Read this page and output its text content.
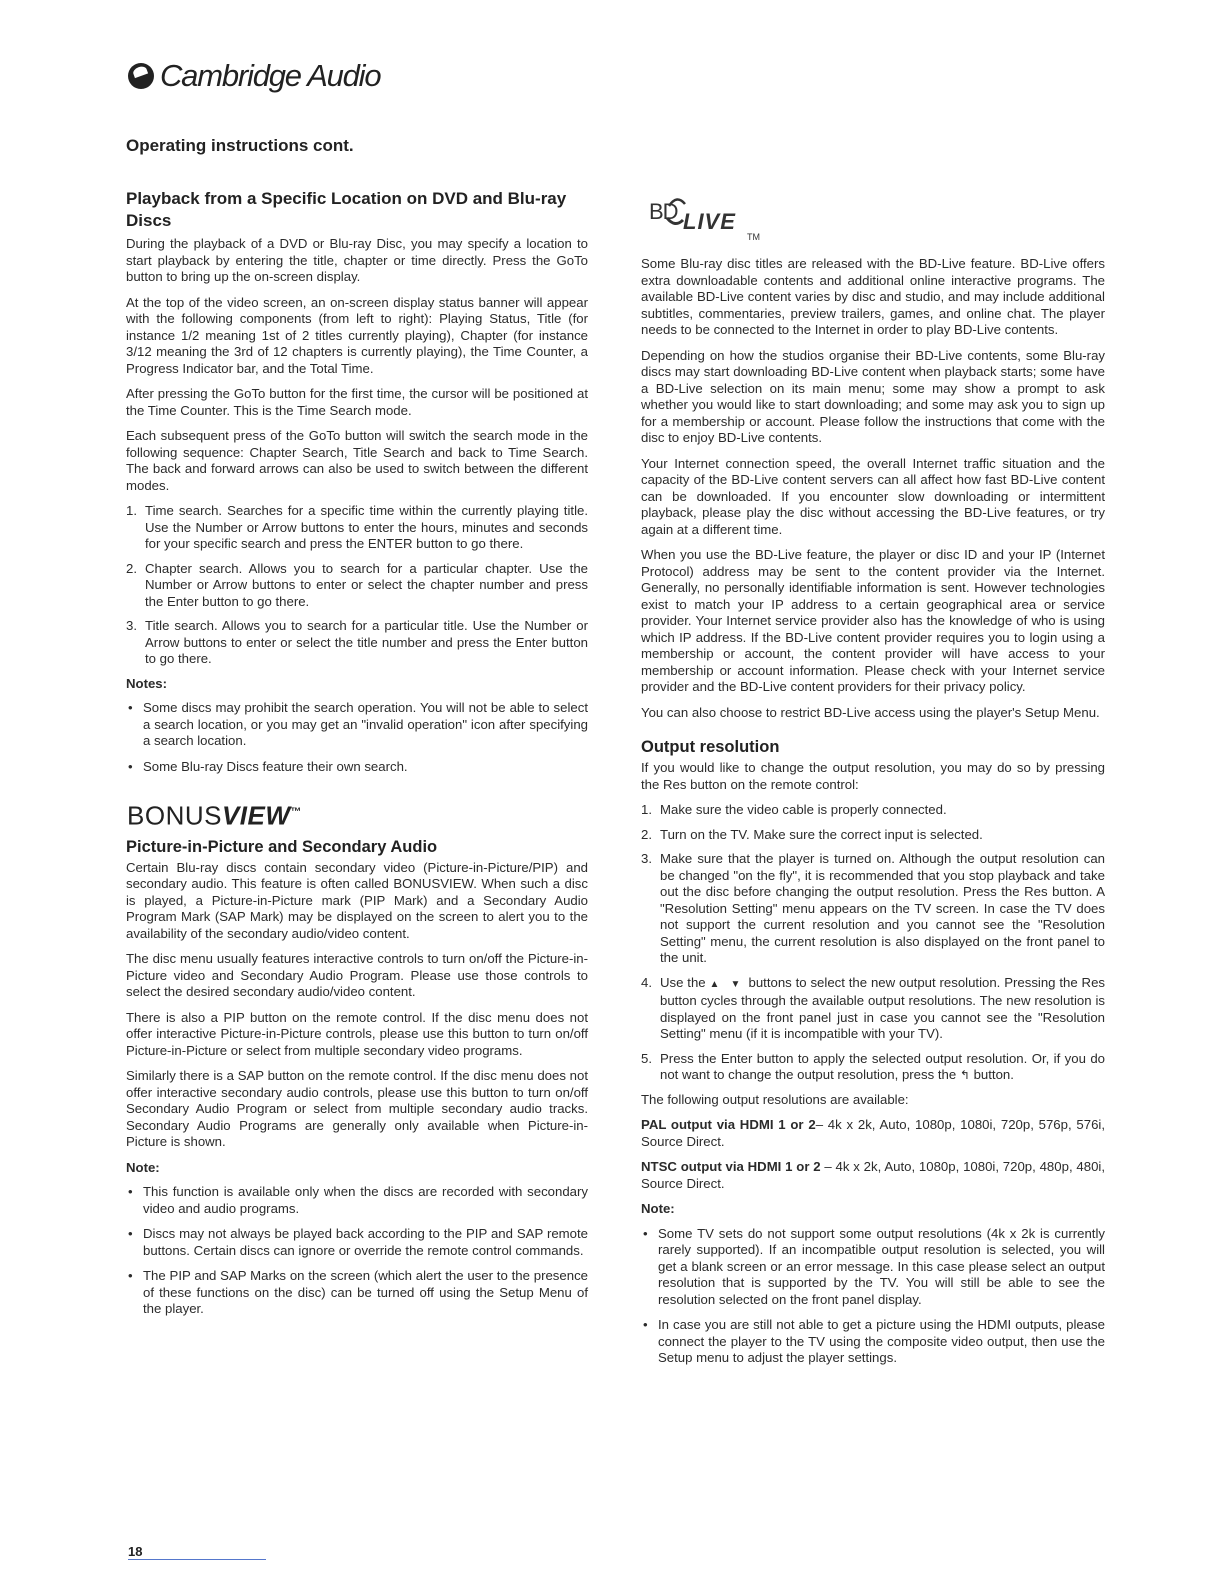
Cambridge Audio
Operating instructions cont.
Playback from a Specific Location on DVD and Blu-ray Discs

During the playback of a DVD or Blu-ray Disc, you may specify a location to start playback by entering the title, chapter or time directly. Press the GoTo button to bring up the on-screen display.

At the top of the video screen, an on-screen display status banner will appear with the following components (from left to right): Playing Status, Title (for instance 1/2 meaning 1st of 2 titles currently playing), Chapter (for instance 3/12 meaning the 3rd of 12 chapters is currently playing), the Time Counter, a Progress Indicator bar, and the Total Time.

After pressing the GoTo button for the first time, the cursor will be positioned at the Time Counter. This is the Time Search mode.

Each subsequent press of the GoTo button will switch the search mode in the following sequence: Chapter Search, Title Search and back to Time Search. The back and forward arrows can also be used to switch between the different modes.

1. Time search. Searches for a specific time within the currently playing title. Use the Number or Arrow buttons to enter the hours, minutes and seconds for your specific search and press the ENTER button to go there.
2. Chapter search. Allows you to search for a particular chapter. Use the Number or Arrow buttons to enter or select the chapter number and press the Enter button to go there.
3. Title search. Allows you to search for a particular title. Use the Number or Arrow buttons to enter or select the title number and press the Enter button to go there.
Notes:
• Some discs may prohibit the search operation. You will not be able to select a search location, or you may get an "invalid operation" icon after specifying a search location.
• Some Blu-ray Discs feature their own search.
BONUSVIEW™
Picture-in-Picture and Secondary Audio

Certain Blu-ray discs contain secondary video (Picture-in-Picture/PIP) and secondary audio. This feature is often called BONUSVIEW. When such a disc is played, a Picture-in-Picture mark (PIP Mark) and a Secondary Audio Program Mark (SAP Mark) may be displayed on the screen to alert you to the availability of the secondary audio/video content.

The disc menu usually features interactive controls to turn on/off the Picture-in-Picture video and Secondary Audio Program. Please use those controls to select the desired secondary audio/video content.

There is also a PIP button on the remote control. If the disc menu does not offer interactive Picture-in-Picture controls, please use this button to turn on/off Picture-in-Picture or select from multiple secondary video programs.

Similarly there is a SAP button on the remote control. If the disc menu does not offer interactive secondary audio controls, please use this button to turn on/off Secondary Audio Program or select from multiple secondary audio tracks. Secondary Audio Programs are generally only available when Picture-in-Picture is shown.

Note:
• This function is available only when the discs are recorded with secondary video and audio programs.
• Discs may not always be played back according to the PIP and SAP remote buttons. Certain discs can ignore or override the remote control commands.
• The PIP and SAP Marks on the screen (which alert the user to the presence of these functions on the disc) can be turned off using the Setup Menu of the player.
BD LIVE
TM

Some Blu-ray disc titles are released with the BD-Live feature. BD-Live offers extra downloadable contents and additional online interactive programs. The available BD-Live content varies by disc and studio, and may include additional subtitles, commentaries, preview trailers, games, and online chat. The player needs to be connected to the Internet in order to play BD-Live contents.

Depending on how the studios organise their BD-Live contents, some Blu-ray discs may start downloading BD-Live content when playback starts; some have a BD-Live selection on its main menu; some may show a prompt to ask whether you would like to start downloading; and some may ask you to sign up for a membership or account. Please follow the instructions that come with the disc to enjoy BD-Live contents.

Your Internet connection speed, the overall Internet traffic situation and the capacity of the BD-Live content servers can all affect how fast BD-Live content can be downloaded. If you encounter slow downloading or intermittent playback, please play the disc without accessing the BD-Live features, or try again at a different time.

When you use the BD-Live feature, the player or disc ID and your IP (Internet Protocol) address may be sent to the content provider via the Internet. Generally, no personally identifiable information is sent. However technologies exist to match your IP address to a certain geographical area or service provider. Your Internet service provider also has the knowledge of who is using which IP address. If the BD-Live content provider requires you to login using a membership or account, the content provider will have access to your membership or account information. Please check with your Internet service provider and the BD-Live content providers for their privacy policy.

You can also choose to restrict BD-Live access using the player's Setup Menu.

Output resolution

If you would like to change the output resolution, you may do so by pressing the Res button on the remote control:

1. Make sure the video cable is properly connected.
2. Turn on the TV. Make sure the correct input is selected.
3. Make sure that the player is turned on. Although the output resolution can be changed "on the fly", it is recommended that you stop playback and take out the disc before changing the output resolution. Press the Res button. A "Resolution Setting" menu appears on the TV screen. In case the TV does not support the current resolution and you cannot see the "Resolution Setting" menu, the current resolution is also displayed on the front panel to the unit.
4. Use the ▲ ▼ buttons to select the new output resolution. Pressing the Res button cycles through the available output resolutions. The new resolution is displayed on the front panel just in case you cannot see the "Resolution Setting" menu (if it is incompatible with your TV).
5. Press the Enter button to apply the selected output resolution. Or, if you do not want to change the output resolution, press the ↰ button.

The following output resolutions are available:

PAL output via HDMI 1 or 2– 4k x 2k, Auto, 1080p, 1080i, 720p, 576p, 576i, Source Direct.

NTSC output via HDMI 1 or 2 – 4k x 2k, Auto, 1080p, 1080i, 720p, 480p, 480i, Source Direct.

Note:
• Some TV sets do not support some output resolutions (4k x 2k is currently rarely supported). If an incompatible output resolution is selected, you will get a blank screen or an error message. In this case please select an output resolution that is supported by the TV. You will still be able to see the resolution selected on the front panel display.
• In case you are still not able to get a picture using the HDMI outputs, please connect the player to the TV using the composite video output, then use the Setup menu to adjust the player settings.
18
